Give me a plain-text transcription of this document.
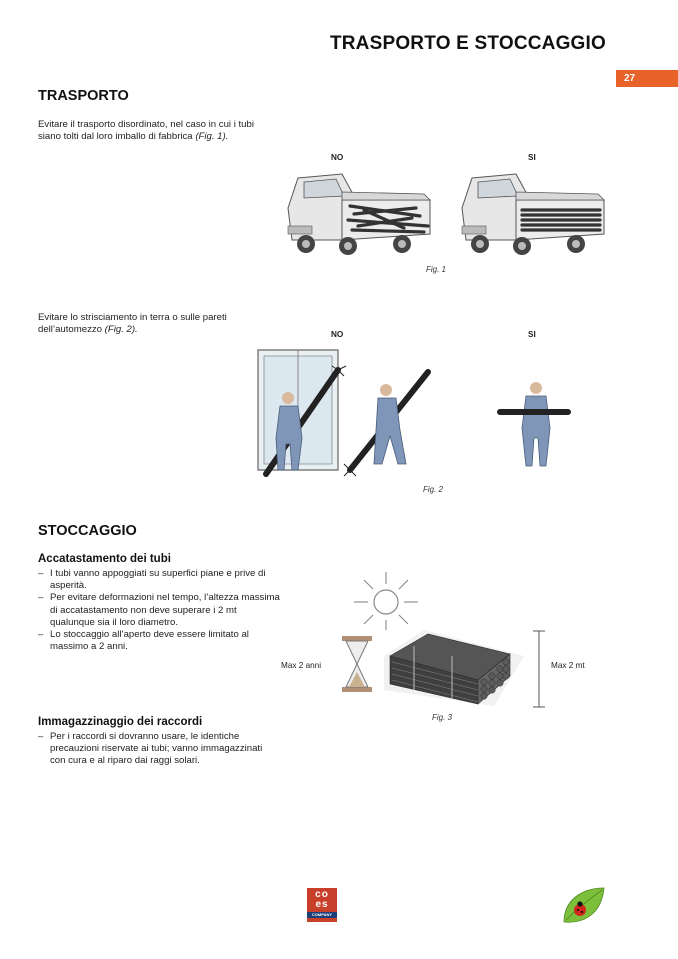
TRASPORTO E STOCCAGGIO
27
TRASPORTO
Evitare il trasporto disordinato, nel caso in cui i tubi
siano tolti dal loro imballo di fabbrica (Fig. 1).
NO	SI
Fig. 1
Evitare lo strisciamento in terra o sulle pareti
dell’automezzo (Fig. 2).	NO	SI
Fig. 2
STOCCAGGIO
Accatastamento dei tubi
– I tubi vanno appoggiati su superfici piane e prive di
asperità.
– Per evitare deformazioni nel tempo, l’altezza massima
di accatastamento non deve superare i 2 mt
qualunque sia il loro diametro.
– Lo stoccaggio all’aperto deve essere limitato al
massimo a 2 anni.
Max 2 anni	Max 2 mt
Fig. 3
Immagazzinaggio dei raccordi
– Per i raccordi si dovranno usare, le identiche
precauzioni riservate ai tubi; vanno immagazzinati
con cura e al riparo dai raggi solari.
co
es
COMPANY
